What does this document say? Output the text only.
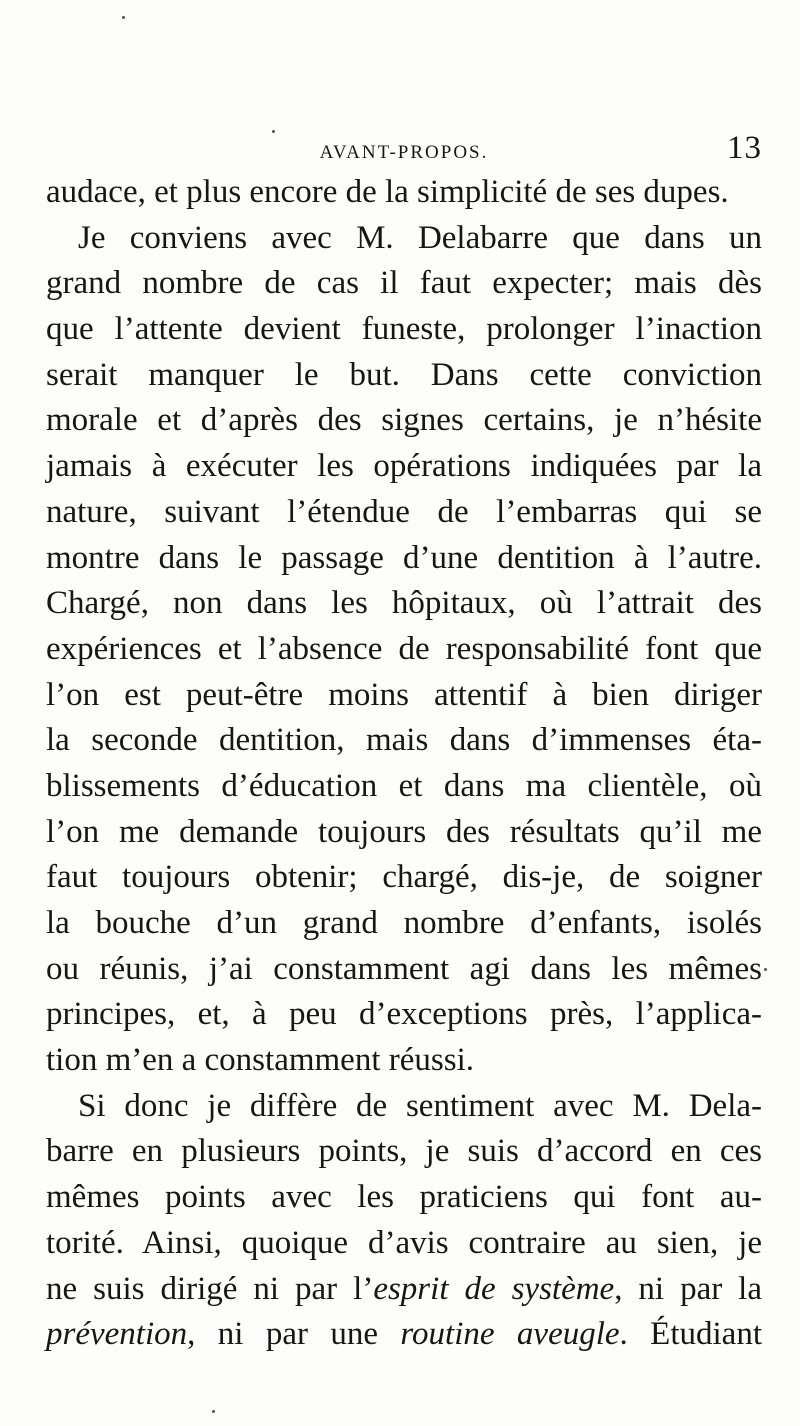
AVANT-PROPOS.	13
audace, et plus encore de la simplicité de ses dupes.
Je conviens avec M. Delabarre que dans un
grand nombre de cas il faut expecter; mais dès
que l’attente devient funeste, prolonger l’inaction
serait manquer le but. Dans cette conviction
morale et d’après des signes certains, je n’hésite
jamais à exécuter les opérations indiquées par la
nature, suivant l’étendue de l’embarras qui se
montre dans le passage d’une dentition à l’autre.
Chargé, non dans les hôpitaux, où l’attrait des
expériences et l’absence de responsabilité font que
l’on est peut-être moins attentif à bien diriger
la seconde dentition, mais dans d’immenses éta-
blissements d’éducation et dans ma clientèle, où
l’on me demande toujours des résultats qu’il me
faut toujours obtenir; chargé, dis-je, de soigner
la bouche d’un grand nombre d’enfants, isolés
ou réunis, j’ai constamment agi dans les mêmes
principes, et, à peu d’exceptions près, l’applica-
tion m’en a constamment réussi.
Si donc je diffère de sentiment avec M. Dela-
barre en plusieurs points, je suis d’accord en ces
mêmes points avec les praticiens qui font au-
torité. Ainsi, quoique d’avis contraire au sien, je
ne suis dirigé ni par l’esprit de système, ni par la
prévention, ni par une routine aveugle. Étudiant
